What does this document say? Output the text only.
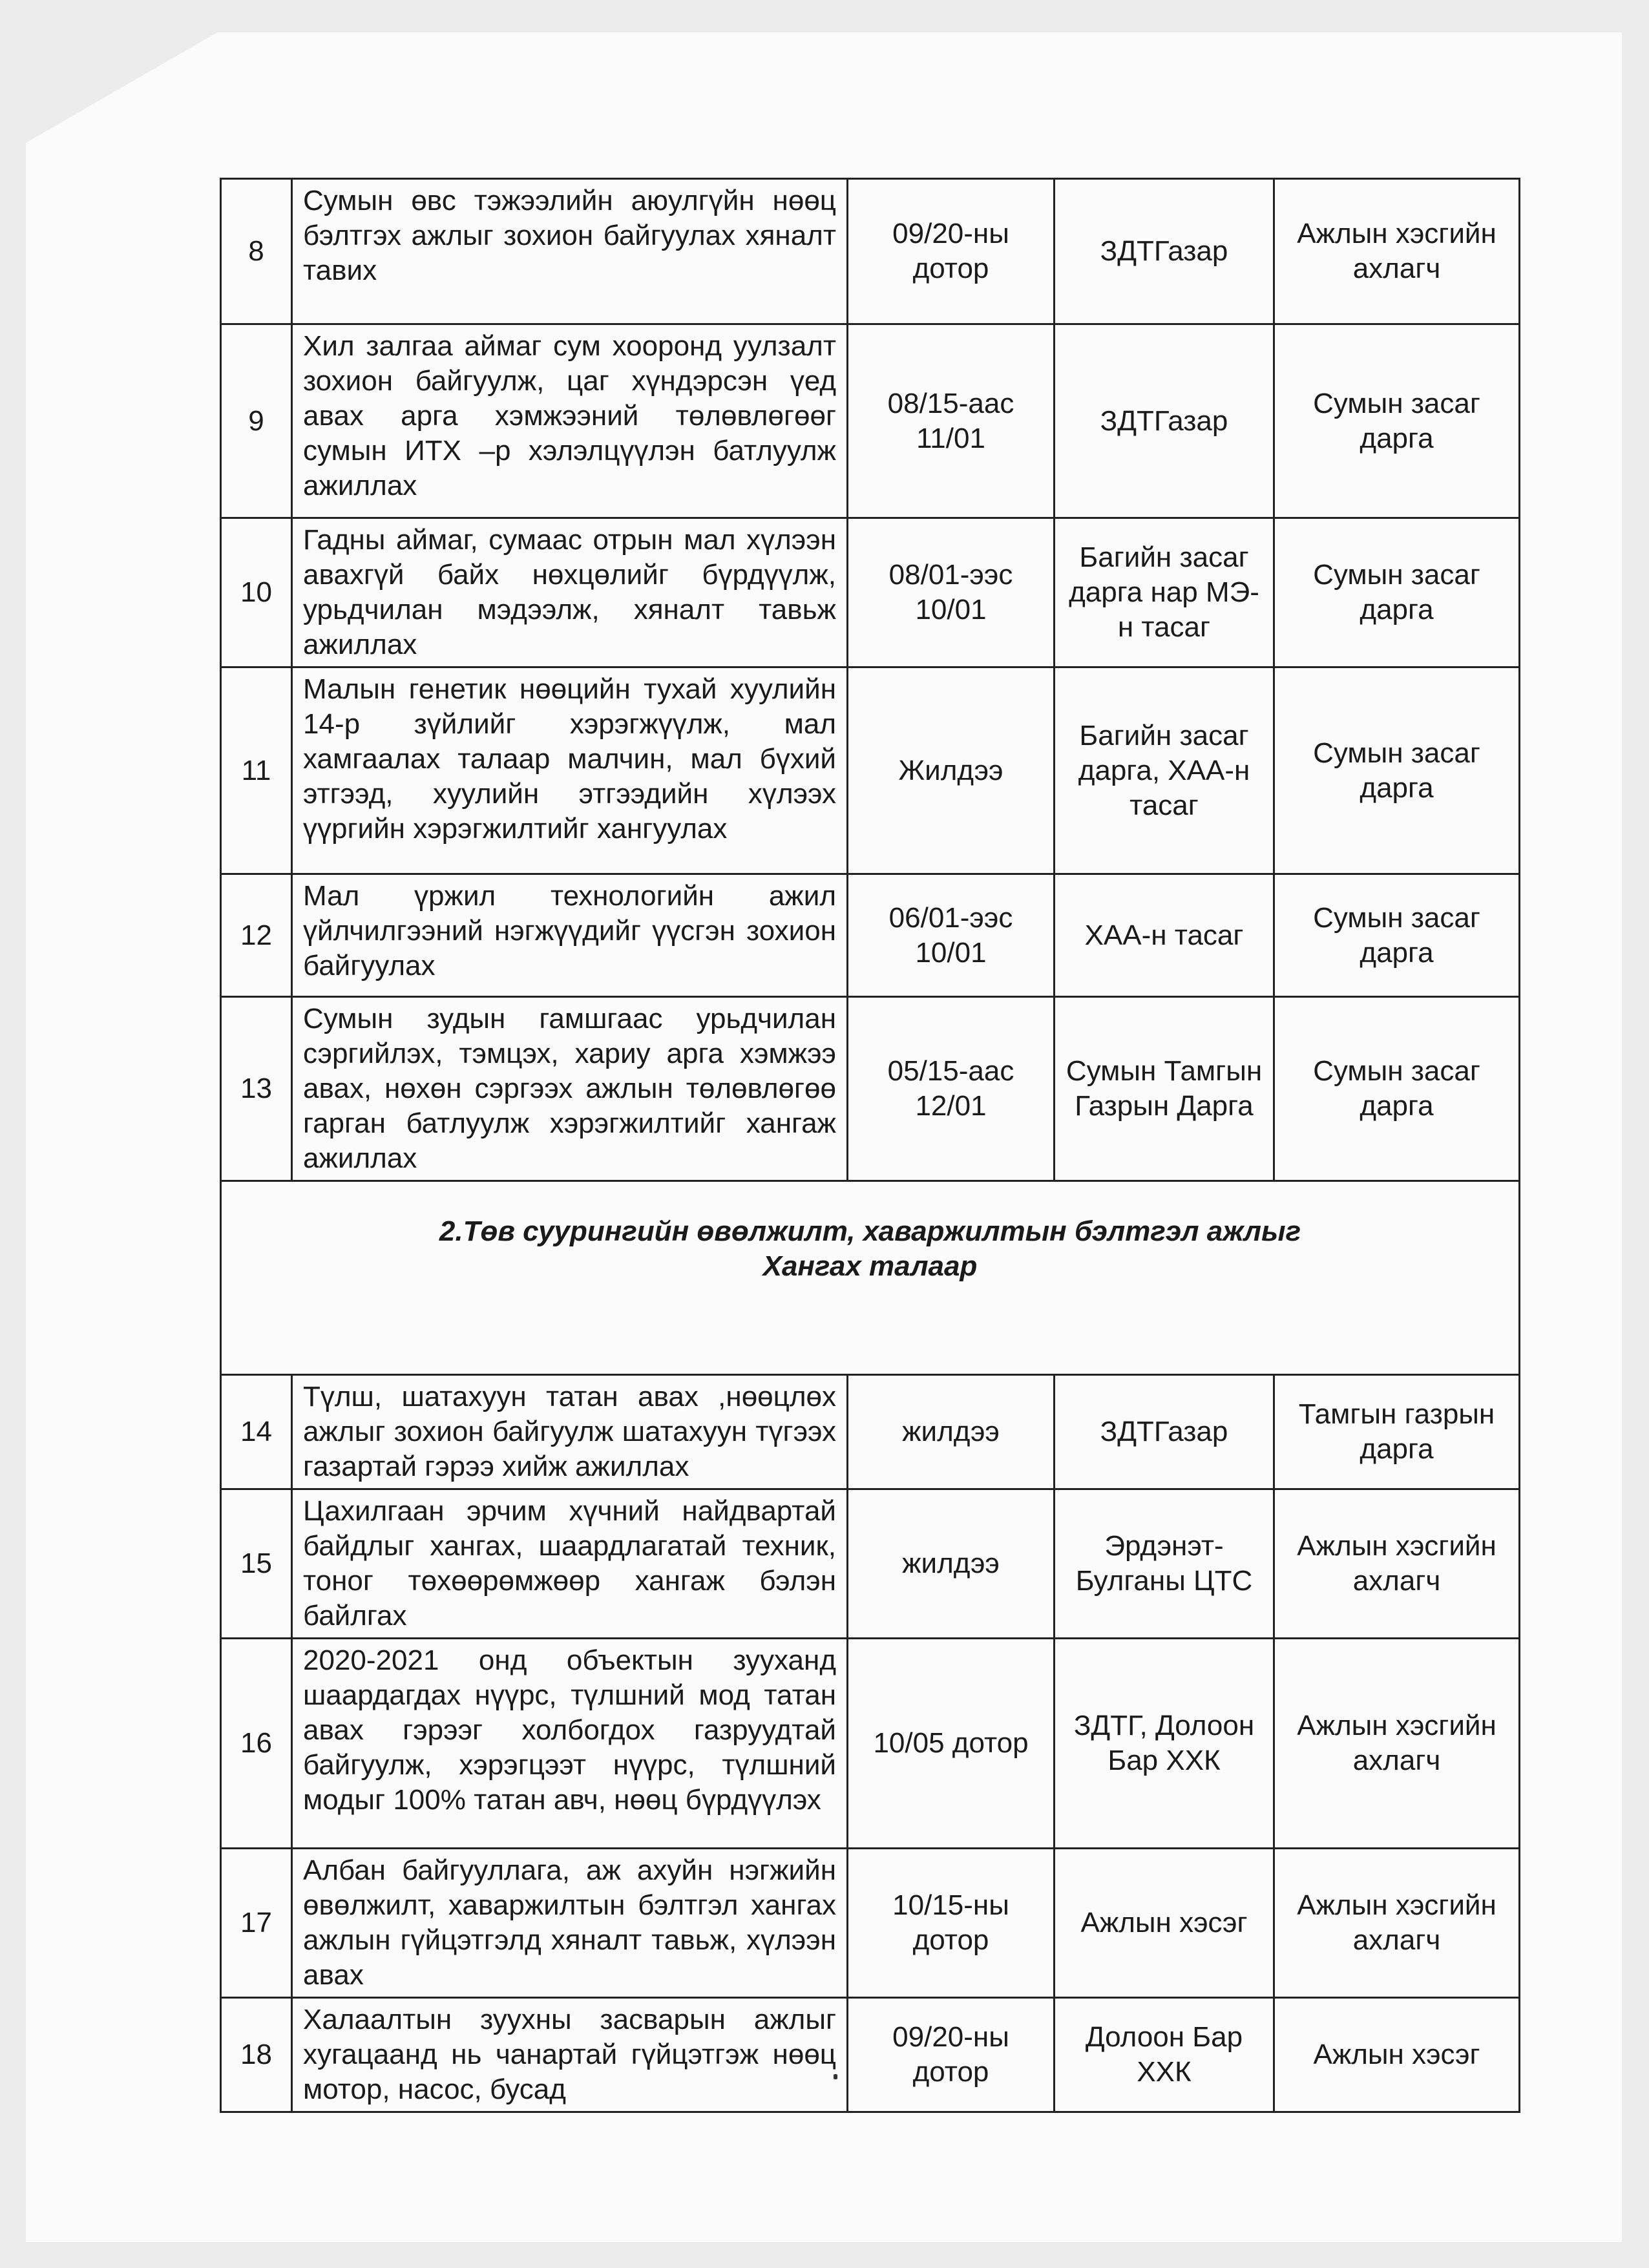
8	Сумын өвс тэжээлийн аюулгүйн нөөц бэлтгэх ажлыг зохион байгуулах хяналт тавих	09/20-ны дотор	ЗДТГазар	Ажлын хэсгийн ахлагч
9	Хил залгаа аймаг сум хооронд уулзалт зохион байгуулж, цаг хүндэрсэн үед авах арга хэмжээний төлөвлөгөөг сумын ИТХ –р хэлэлцүүлэн батлуулж ажиллах	08/15-аас 11/01	ЗДТГазар	Сумын засаг дарга
10	Гадны аймаг, сумаас отрын мал хүлээн авахгүй байх нөхцөлийг бүрдүүлж, урьдчилан мэдээлж, хяналт тавьж ажиллах	08/01-ээс 10/01	Багийн засаг дарга нар МЭ-н тасаг	Сумын засаг дарга
11	Малын генетик нөөцийн тухай хуулийн 14-р зүйлийг хэрэгжүүлж, мал хамгаалах талаар малчин, мал бүхий этгээд, хуулийн этгээдийн хүлээх үүргийн хэрэгжилтийг хангуулах	Жилдээ	Багийн засаг дарга, ХАА-н тасаг	Сумын засаг дарга
12	Мал үржил технологийн ажил үйлчилгээний нэгжүүдийг үүсгэн зохион байгуулах	06/01-ээс 10/01	ХАА-н тасаг	Сумын засаг дарга
13	Сумын зудын гамшгаас урьдчилан сэргийлэх, тэмцэх, хариу арга хэмжээ авах, нөхөн сэргээх ажлын төлөвлөгөө гарган батлуулж хэрэгжилтийг хангаж ажиллах	05/15-аас 12/01	Сумын Тамгын Газрын Дарга	Сумын засаг дарга

2.Төв суурингийн өвөлжилт, хаваржилтын бэлтгэл ажлыг
Хангах талаар				

14	Түлш, шатахуун татан авах ,нөөцлөх ажлыг зохион байгуулж шатахуун түгээх газартай гэрээ хийж ажиллах	жилдээ	ЗДТГазар	Тамгын газрын дарга
15	Цахилгаан эрчим хүчний найдвартай байдлыг хангах, шаардлагатай техник, тоног төхөөрөмжөөр хангаж бэлэн байлгах	жилдээ	Эрдэнэт-Булганы ЦТС	Ажлын хэсгийн ахлагч
16	2020-2021 онд объектын зууханд шаардагдах нүүрс, түлшний мод татан авах гэрээг холбогдох газруудтай байгуулж, хэрэгцээт нүүрс, түлшний модыг 100% татан авч, нөөц бүрдүүлэх	10/05 дотор	ЗДТГ, Долоон Бар ХХК	Ажлын хэсгийн ахлагч
17	Албан байгууллага, аж ахуйн нэгжийн өвөлжилт, хаваржилтын бэлтгэл хангах ажлын гүйцэтгэлд хяналт тавьж, хүлээн авах	10/15-ны дотор	Ажлын хэсэг	Ажлын хэсгийн ахлагч
18	Халаалтын зуухны засварын ажлыг хугацаанд нь чанартай гүйцэтгэж нөөц мотор, насос, бусад	09/20-ны дотор	Долоон Бар ХХК	Ажлын хэсэг
